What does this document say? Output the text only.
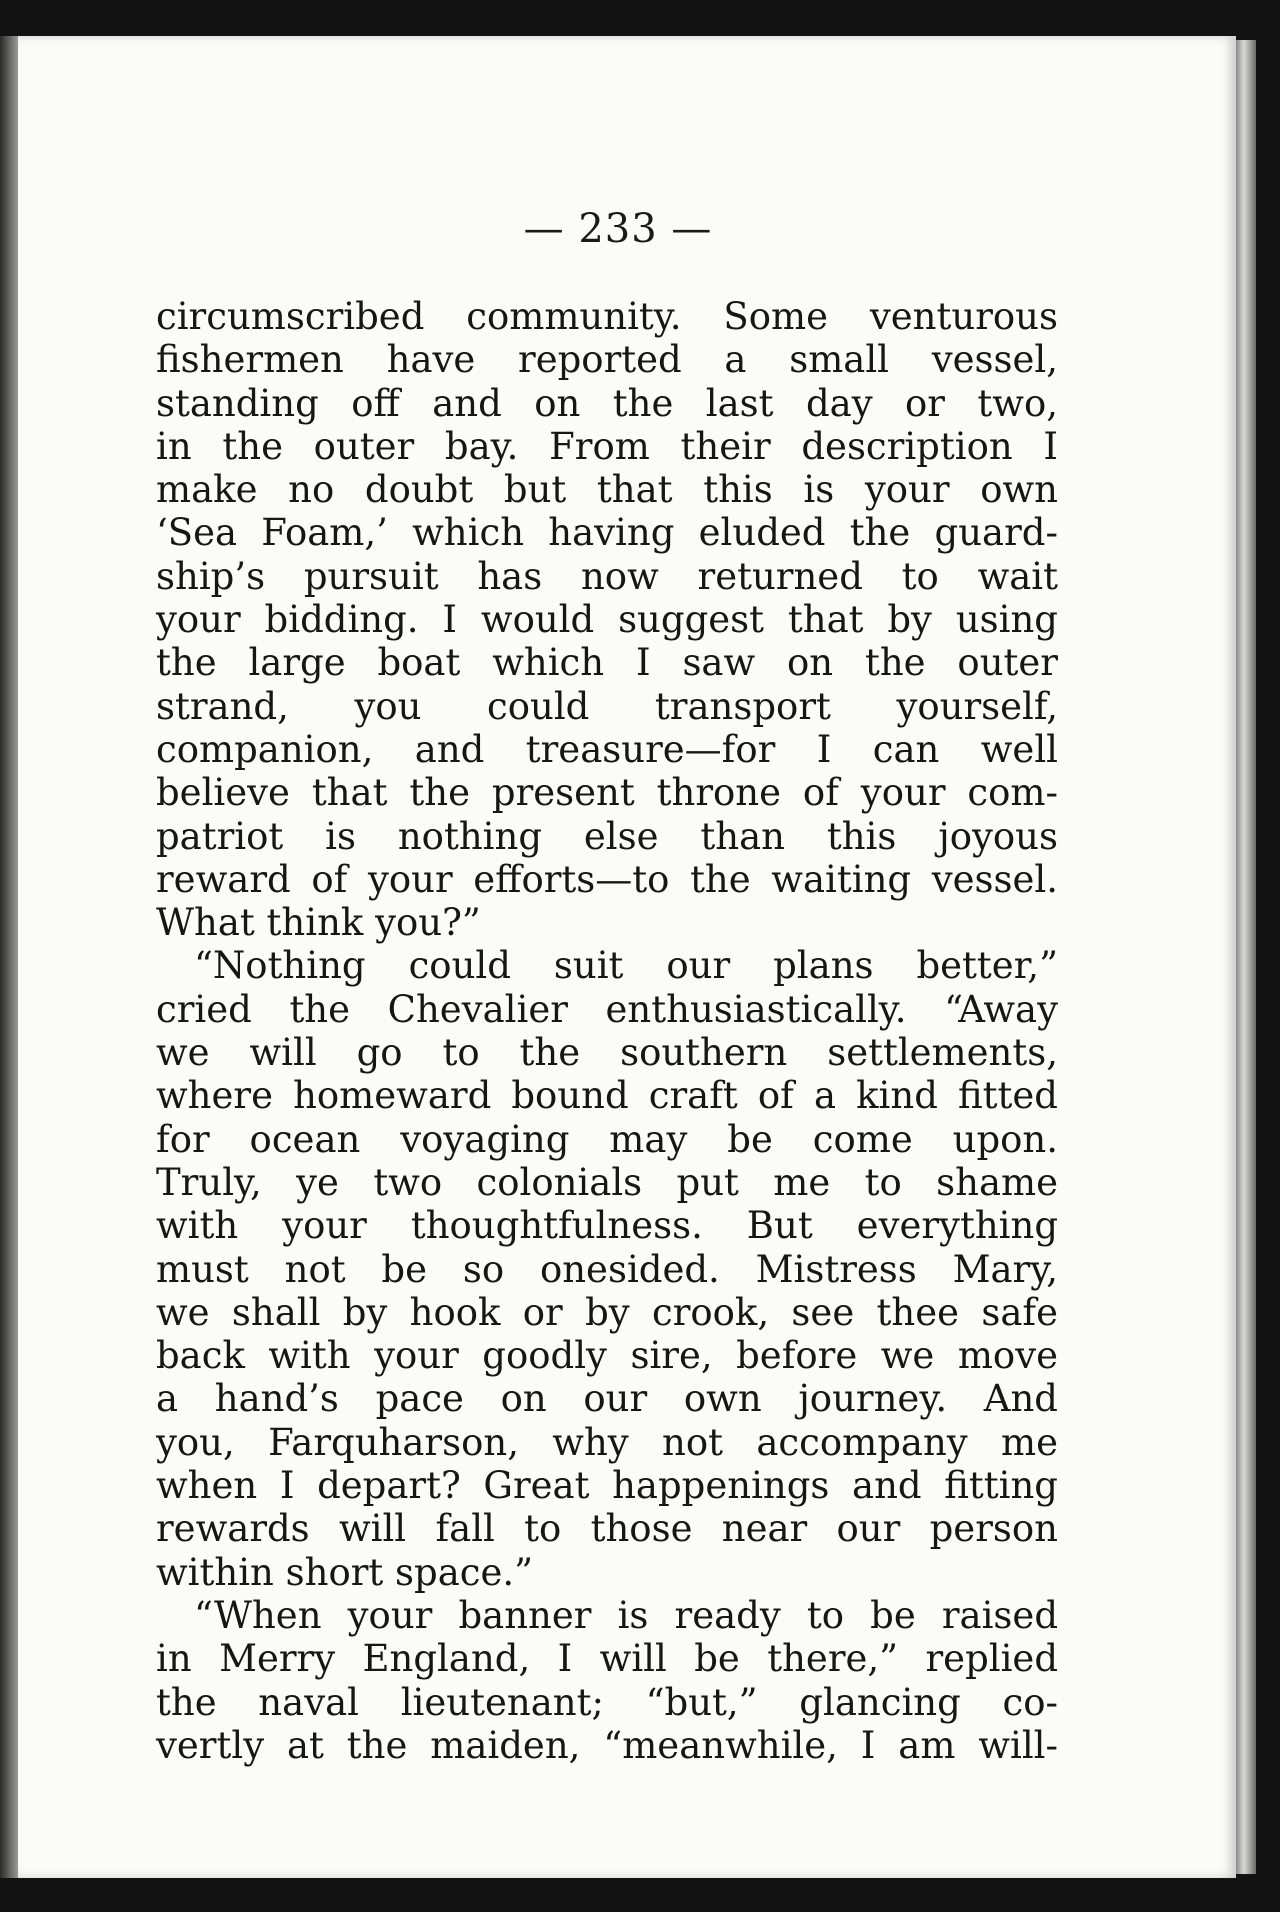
— 233 —
circumscribed community. Some venturous
fishermen have reported a small vessel,
standing off and on the last day or two,
in the outer bay. From their description I
make no doubt but that this is your own
‘Sea Foam,’ which having eluded the guard-
ship’s pursuit has now returned to wait
your bidding. I would suggest that by using
the large boat which I saw on the outer
strand, you could transport yourself,
companion, and treasure—for I can well
believe that the present throne of your com-
patriot is nothing else than this joyous
reward of your efforts—to the waiting vessel.
What think you?”
“Nothing could suit our plans better,”
cried the Chevalier enthusiastically. “Away
we will go to the southern settlements,
where homeward bound craft of a kind fitted
for ocean voyaging may be come upon.
Truly, ye two colonials put me to shame
with your thoughtfulness. But everything
must not be so onesided. Mistress Mary,
we shall by hook or by crook, see thee safe
back with your goodly sire, before we move
a hand’s pace on our own journey. And
you, Farquharson, why not accompany me
when I depart? Great happenings and fitting
rewards will fall to those near our person
within short space.”
“When your banner is ready to be raised
in Merry England, I will be there,” replied
the naval lieutenant; “but,” glancing co-
vertly at the maiden, “meanwhile, I am will-
